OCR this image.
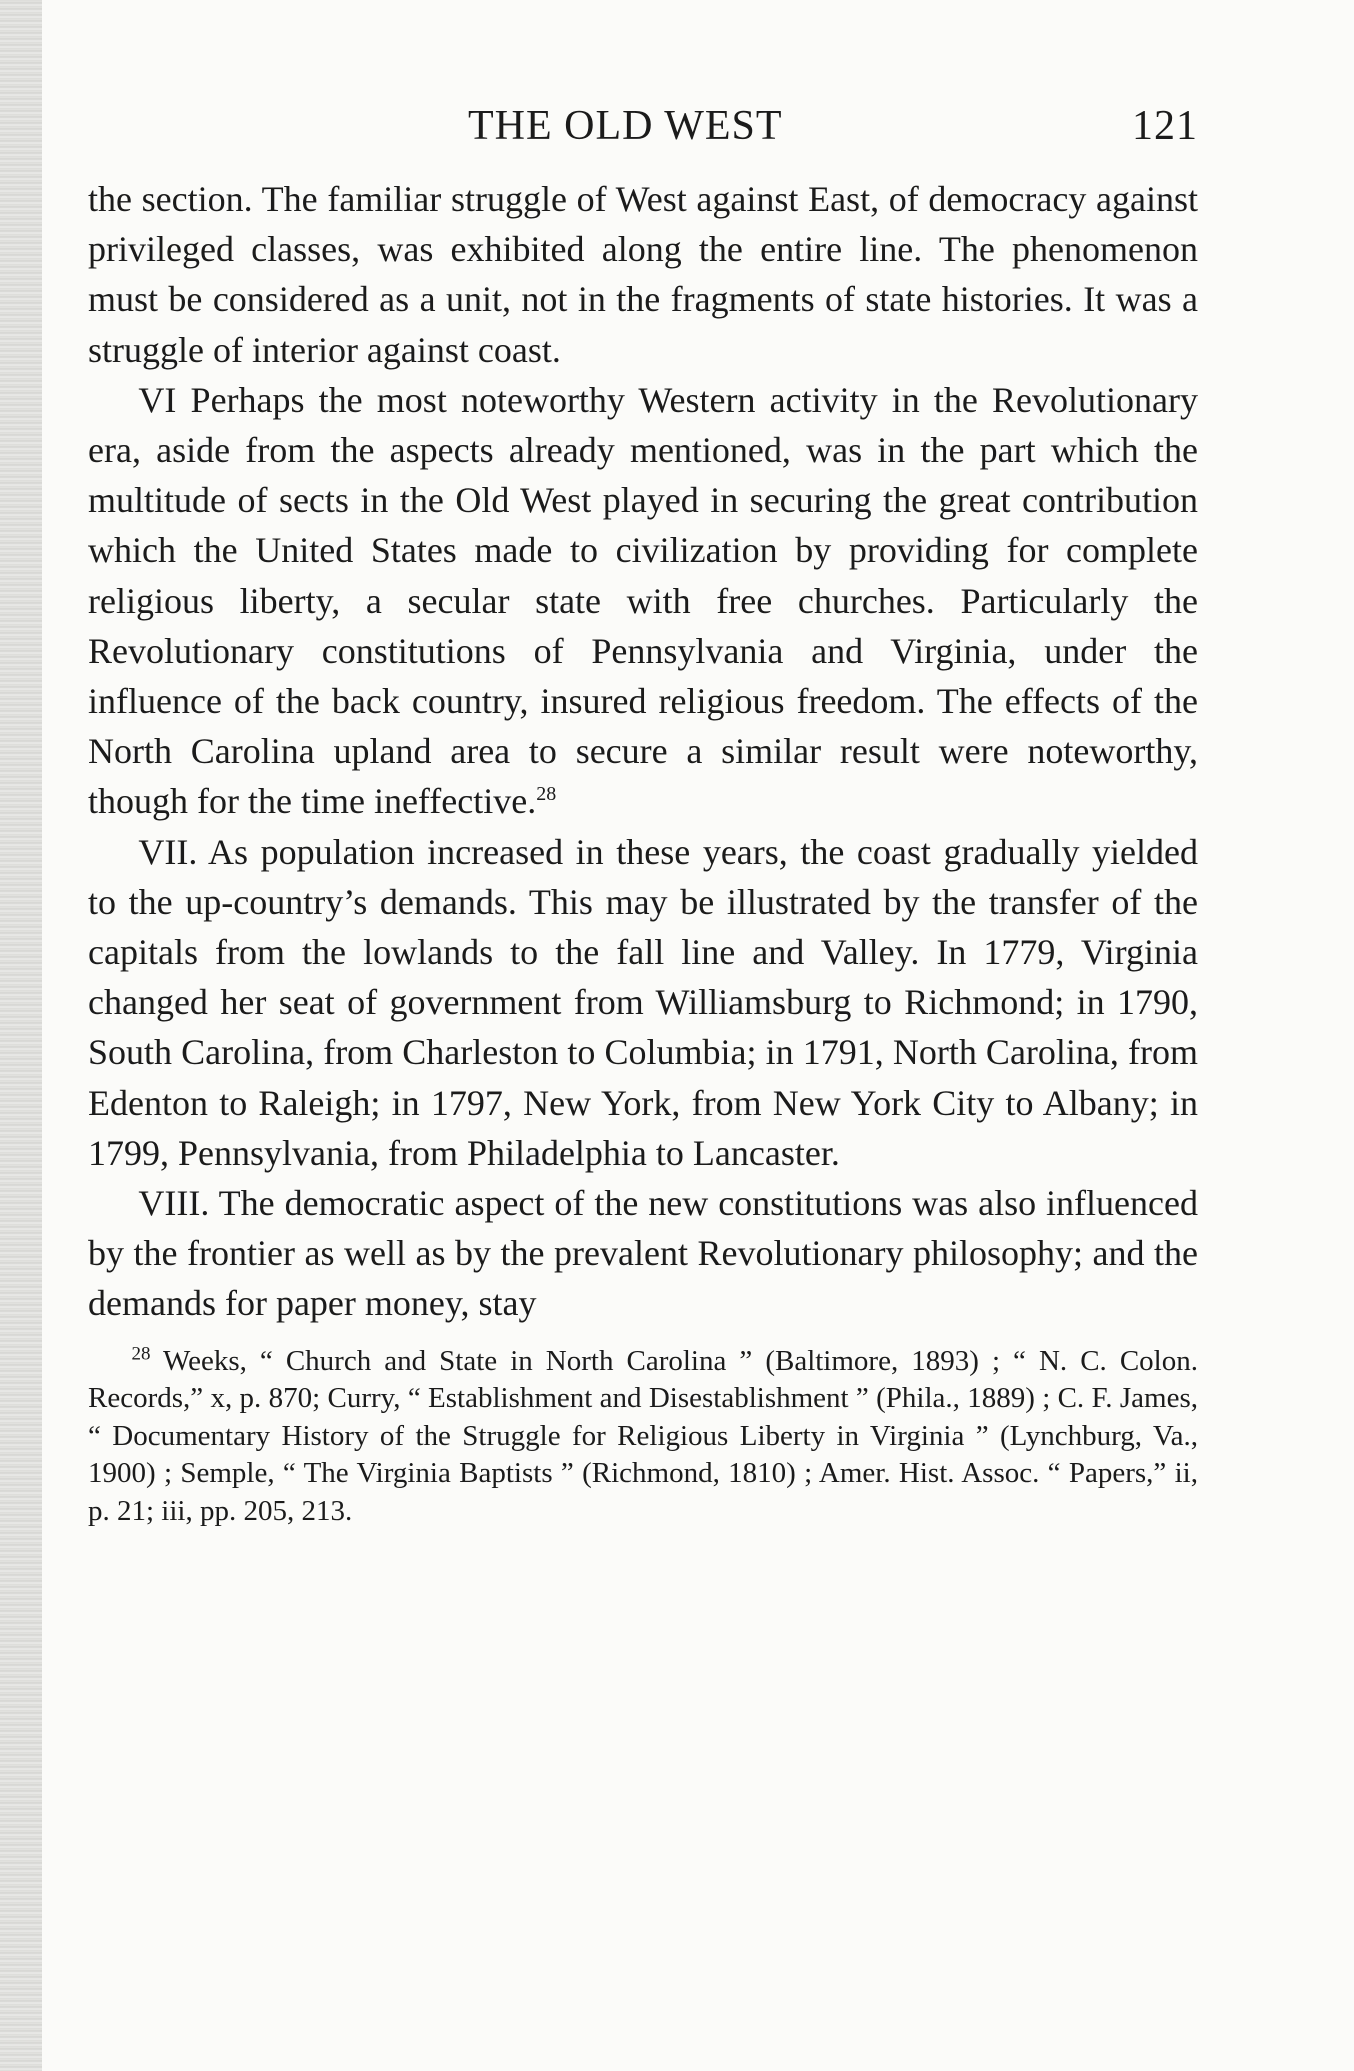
THE OLD WEST	121

the section. The familiar struggle of West against East, of democracy against privileged classes, was exhibited along the entire line. The phenomenon must be considered as a unit, not in the fragments of state histories. It was a struggle of interior against coast.

VI Perhaps the most noteworthy Western activity in the Revolutionary era, aside from the aspects already mentioned, was in the part which the multitude of sects in the Old West played in securing the great contribution which the United States made to civilization by providing for complete religious liberty, a secular state with free churches. Particularly the Revolutionary constitutions of Pennsylvania and Virginia, under the influence of the back country, insured religious freedom. The effects of the North Carolina upland area to secure a similar result were noteworthy, though for the time ineffective.$^{28}$

VII. As population increased in these years, the coast gradually yielded to the up-country’s demands. This may be illustrated by the transfer of the capitals from the lowlands to the fall line and Valley. In 1779, Virginia changed her seat of government from Williamsburg to Richmond; in 1790, South Carolina, from Charleston to Columbia; in 1791, North Carolina, from Edenton to Raleigh; in 1797, New York, from New York City to Albany; in 1799, Pennsylvania, from Philadelphia to Lancaster.

VIII. The democratic aspect of the new constitutions was also influenced by the frontier as well as by the prevalent Revolutionary philosophy; and the demands for paper money, stay

$^{28}$ Weeks, “ Church and State in North Carolina ” (Baltimore, 1893) ; “ N. C. Colon. Records,” x, p. 870; Curry, “ Establishment and Disestablishment ” (Phila., 1889) ; C. F. James, “ Documentary History of the Struggle for Religious Liberty in Virginia ” (Lynchburg, Va., 1900) ; Semple, “ The Virginia Baptists ” (Richmond, 1810) ; Amer. Hist. Assoc. “ Papers,” ii, p. 21; iii, pp. 205, 213.
